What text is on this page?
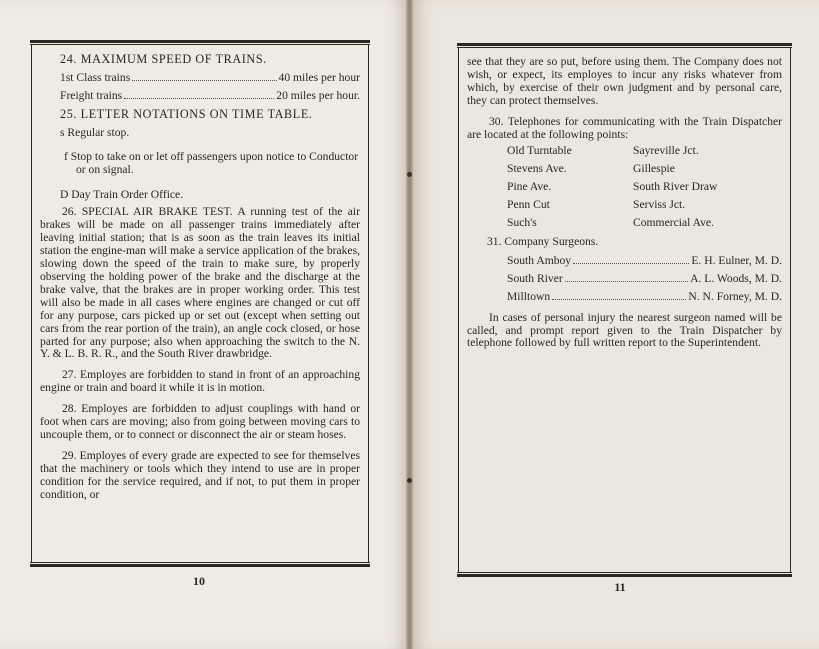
24. MAXIMUM SPEED OF TRAINS.

1st Class trains	40 miles per hour
Freight trains	20 miles per hour.

25. LETTER NOTATIONS ON TIME TABLE.

s Regular stop.

f Stop to take on or let off passengers upon notice to Conductor or on signal.

D Day Train Order Office.

26. SPECIAL AIR BRAKE TEST. A running test of the air brakes will be made on all passenger trains immediately after leaving initial station; that is as soon as the train leaves its initial station the engine-man will make a service application of the brakes, slowing down the speed of the train to make sure, by properly observing the holding power of the brake and the discharge at the brake valve, that the brakes are in proper working order. This test will also be made in all cases where engines are changed or cut off for any purpose, cars picked up or set out (except when setting out cars from the rear portion of the train), an angle cock closed, or hose parted for any purpose; also when approaching the switch to the N. Y. & L. B. R. R., and the South River drawbridge.

27. Employes are forbidden to stand in front of an approaching engine or train and board it while it is in motion.

28. Employes are forbidden to adjust couplings with hand or foot when cars are moving; also from going between moving cars to uncouple them, or to connect or disconnect the air or steam hoses.

29. Employes of every grade are expected to see for themselves that the machinery or tools which they intend to use are in proper condition for the service required, and if not, to put them in proper condition, or

10

see that they are so put, before using them. The Company does not wish, or expect, its employes to incur any risks whatever from which, by exercise of their own judgment and by personal care, they can protect themselves.

30. Telephones for communicating with the Train Dispatcher are located at the following points:

Old Turntable	Sayreville Jct.
Stevens Ave.	Gillespie
Pine Ave.	South River Draw
Penn Cut	Serviss Jct.
Such's	Commercial Ave.

31. Company Surgeons.

South Amboy	E. H. Eulner, M. D.
South River	A. L. Woods, M. D.
Milltown	N. N. Forney, M. D.

In cases of personal injury the nearest surgeon named will be called, and prompt report given to the Train Dispatcher by telephone followed by full written report to the Superintendent.

11
